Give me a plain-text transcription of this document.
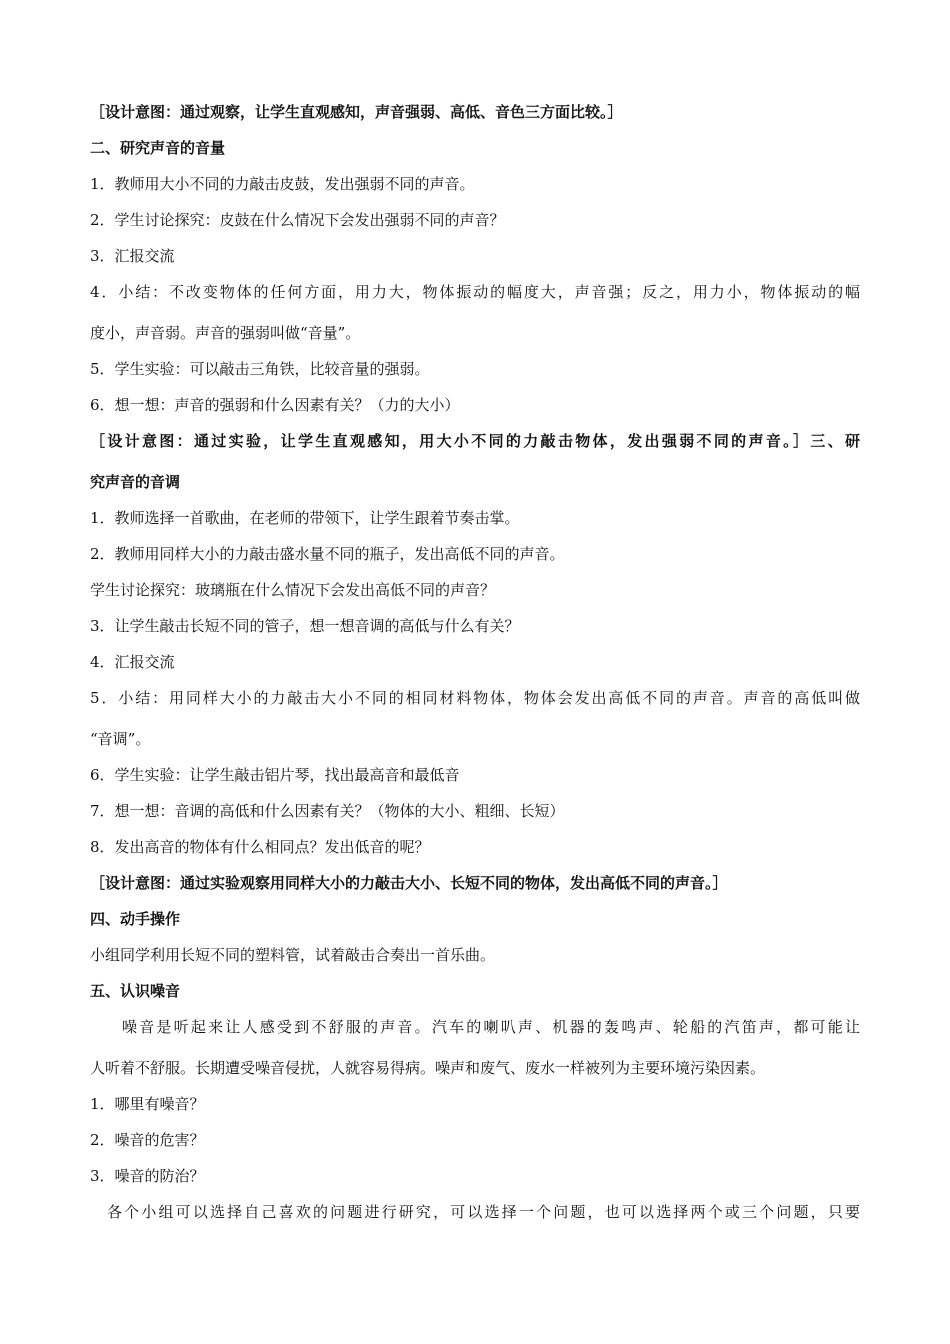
［设计意图：通过观察，让学生直观感知，声音强弱、高低、音色三方面比较。］
二、研究声音的音量
1．教师用大小不同的力敲击皮鼓，发出强弱不同的声音。
2．学生讨论探究：皮鼓在什么情况下会发出强弱不同的声音？
3．汇报交流
4．小结：不改变物体的任何方面，用力大，物体振动的幅度大，声音强；反之，用力小，物体振动的幅
度小，声音弱。声音的强弱叫做“音量”。
5．学生实验：可以敲击三角铁，比较音量的强弱。
6．想一想：声音的强弱和什么因素有关？（力的大小）
［设计意图：通过实验，让学生直观感知，用大小不同的力敲击物体，发出强弱不同的声音。］三、研
究声音的音调
1．教师选择一首歌曲，在老师的带领下，让学生跟着节奏击掌。
2．教师用同样大小的力敲击盛水量不同的瓶子，发出高低不同的声音。
学生讨论探究：玻璃瓶在什么情况下会发出高低不同的声音？
3．让学生敲击长短不同的管子，想一想音调的高低与什么有关？
4．汇报交流
5．小结：用同样大小的力敲击大小不同的相同材料物体，物体会发出高低不同的声音。声音的高低叫做
“音调”。
6．学生实验：让学生敲击铝片琴，找出最高音和最低音
7．想一想：音调的高低和什么因素有关？（物体的大小、粗细、长短）
8．发出高音的物体有什么相同点？发出低音的呢？
［设计意图：通过实验观察用同样大小的力敲击大小、长短不同的物体，发出高低不同的声音。］
四、动手操作
小组同学利用长短不同的塑料管，试着敲击合奏出一首乐曲。
五、认识噪音
噪音是听起来让人感受到不舒服的声音。汽车的喇叭声、机器的轰鸣声、轮船的汽笛声，都可能让
人听着不舒服。长期遭受噪音侵扰，人就容易得病。噪声和废气、废水一样被列为主要环境污染因素。
1．哪里有噪音？
2．噪音的危害？
3．噪音的防治？
各个小组可以选择自己喜欢的问题进行研究，可以选择一个问题，也可以选择两个或三个问题，只要
